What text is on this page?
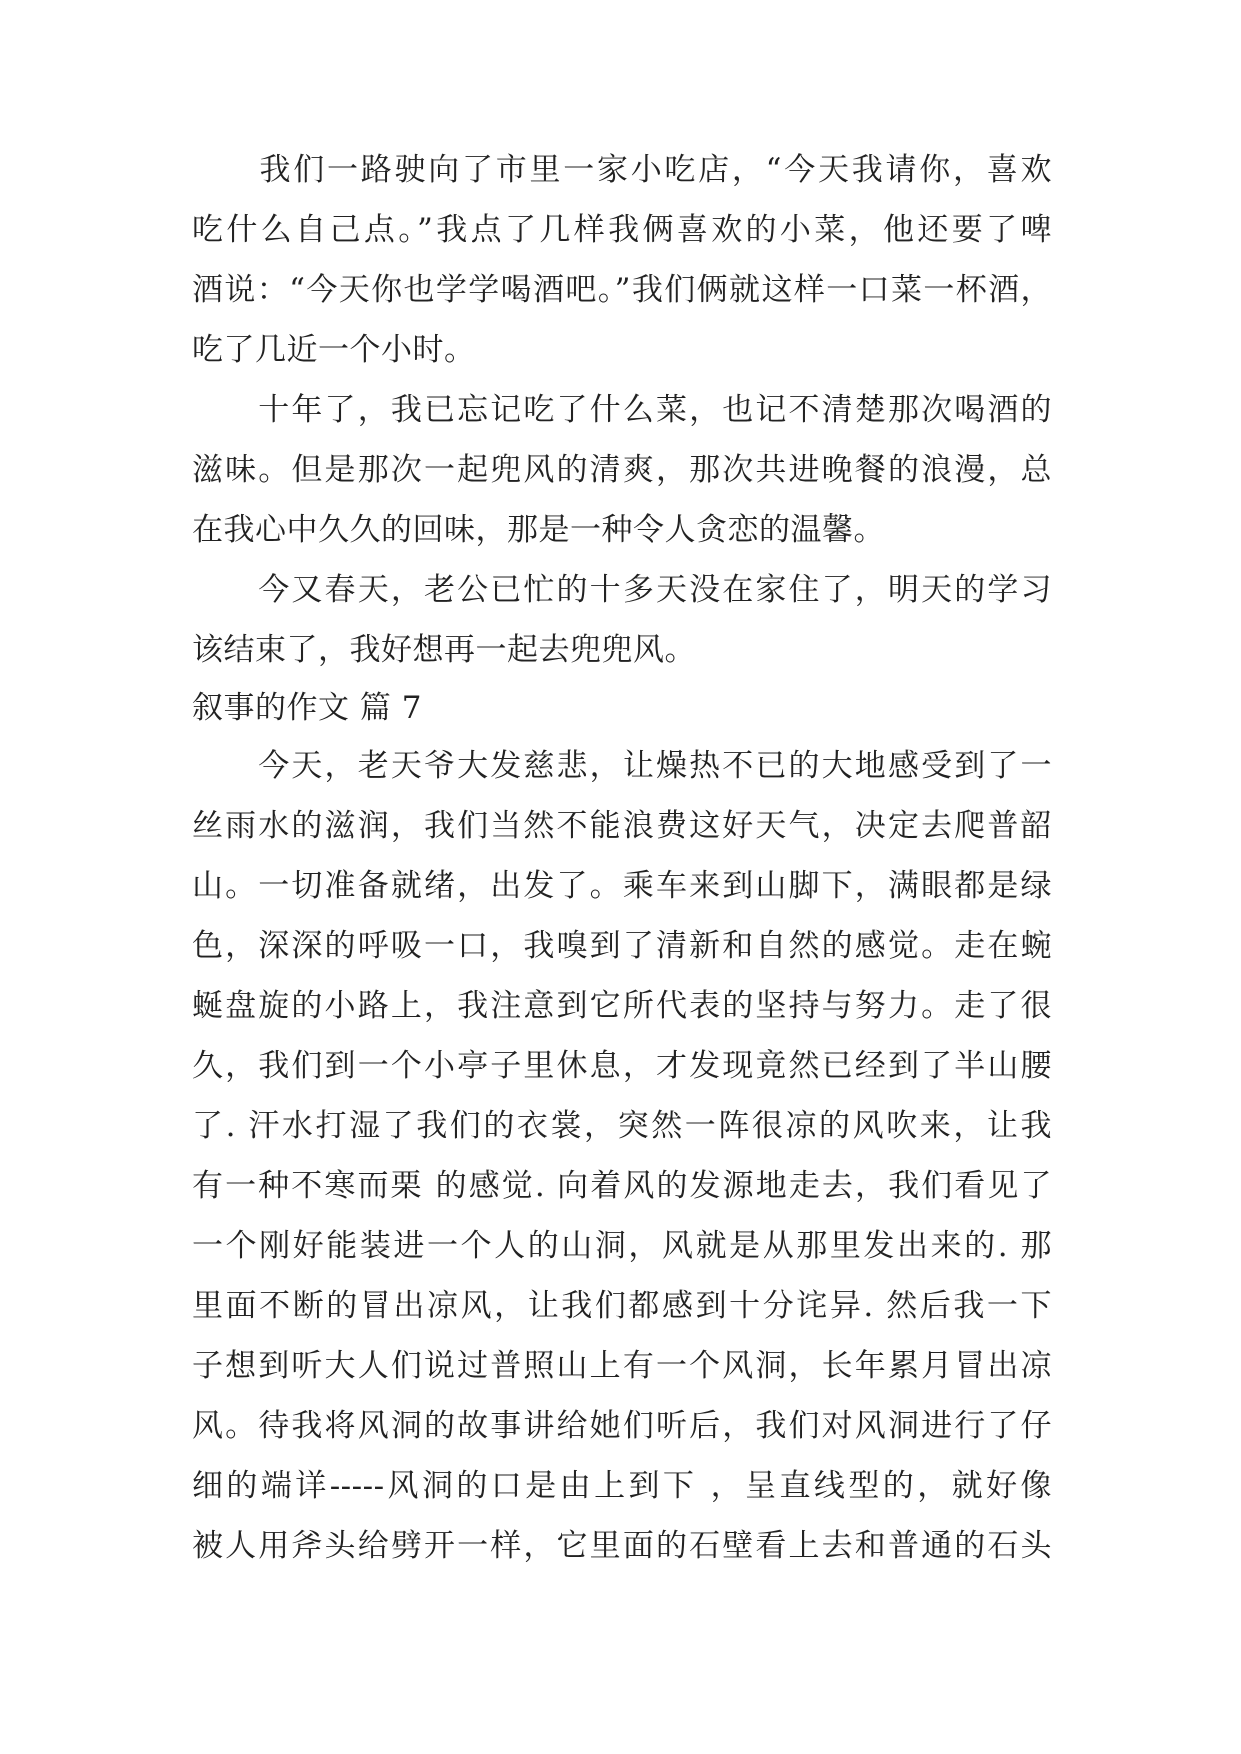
　　我们一路驶向了市里一家小吃店，“今天我请你，喜欢
吃什么自己点。”我点了几样我俩喜欢的小菜，他还要了啤
酒说：“今天你也学学喝酒吧。”我们俩就这样一口菜一杯酒，
吃了几近一个小时。
　　十年了，我已忘记吃了什么菜，也记不清楚那次喝酒的
滋味。但是那次一起兜风的清爽，那次共进晚餐的浪漫，总
在我心中久久的回味，那是一种令人贪恋的温馨。
　　今又春天，老公已忙的十多天没在家住了，明天的学习
该结束了，我好想再一起去兜兜风。
叙事的作文 篇 7
　　今天，老天爷大发慈悲，让燥热不已的大地感受到了一
丝雨水的滋润，我们当然不能浪费这好天气，决定去爬普韶
山。一切准备就绪，出发了。乘车来到山脚下，满眼都是绿
色，深深的呼吸一口，我嗅到了清新和自然的感觉。走在蜿
蜒盘旋的小路上，我注意到它所代表的坚持与努力。走了很
久，我们到一个小亭子里休息，才发现竟然已经到了半山腰
了. 汗水打湿了我们的衣裳，突然一阵很凉的风吹来，让我
有一种不寒而栗 的感觉. 向着风的发源地走去，我们看见了
一个刚好能装进一个人的山洞，风就是从那里发出来的. 那
里面不断的冒出凉风，让我们都感到十分诧异. 然后我一下
子想到听大人们说过普照山上有一个风洞，长年累月冒出凉
风。待我将风洞的故事讲给她们听后，我们对风洞进行了仔
细的端详-----风洞的口是由上到下 ，呈直线型的，就好像
被人用斧头给劈开一样，它里面的石壁看上去和普通的石头
